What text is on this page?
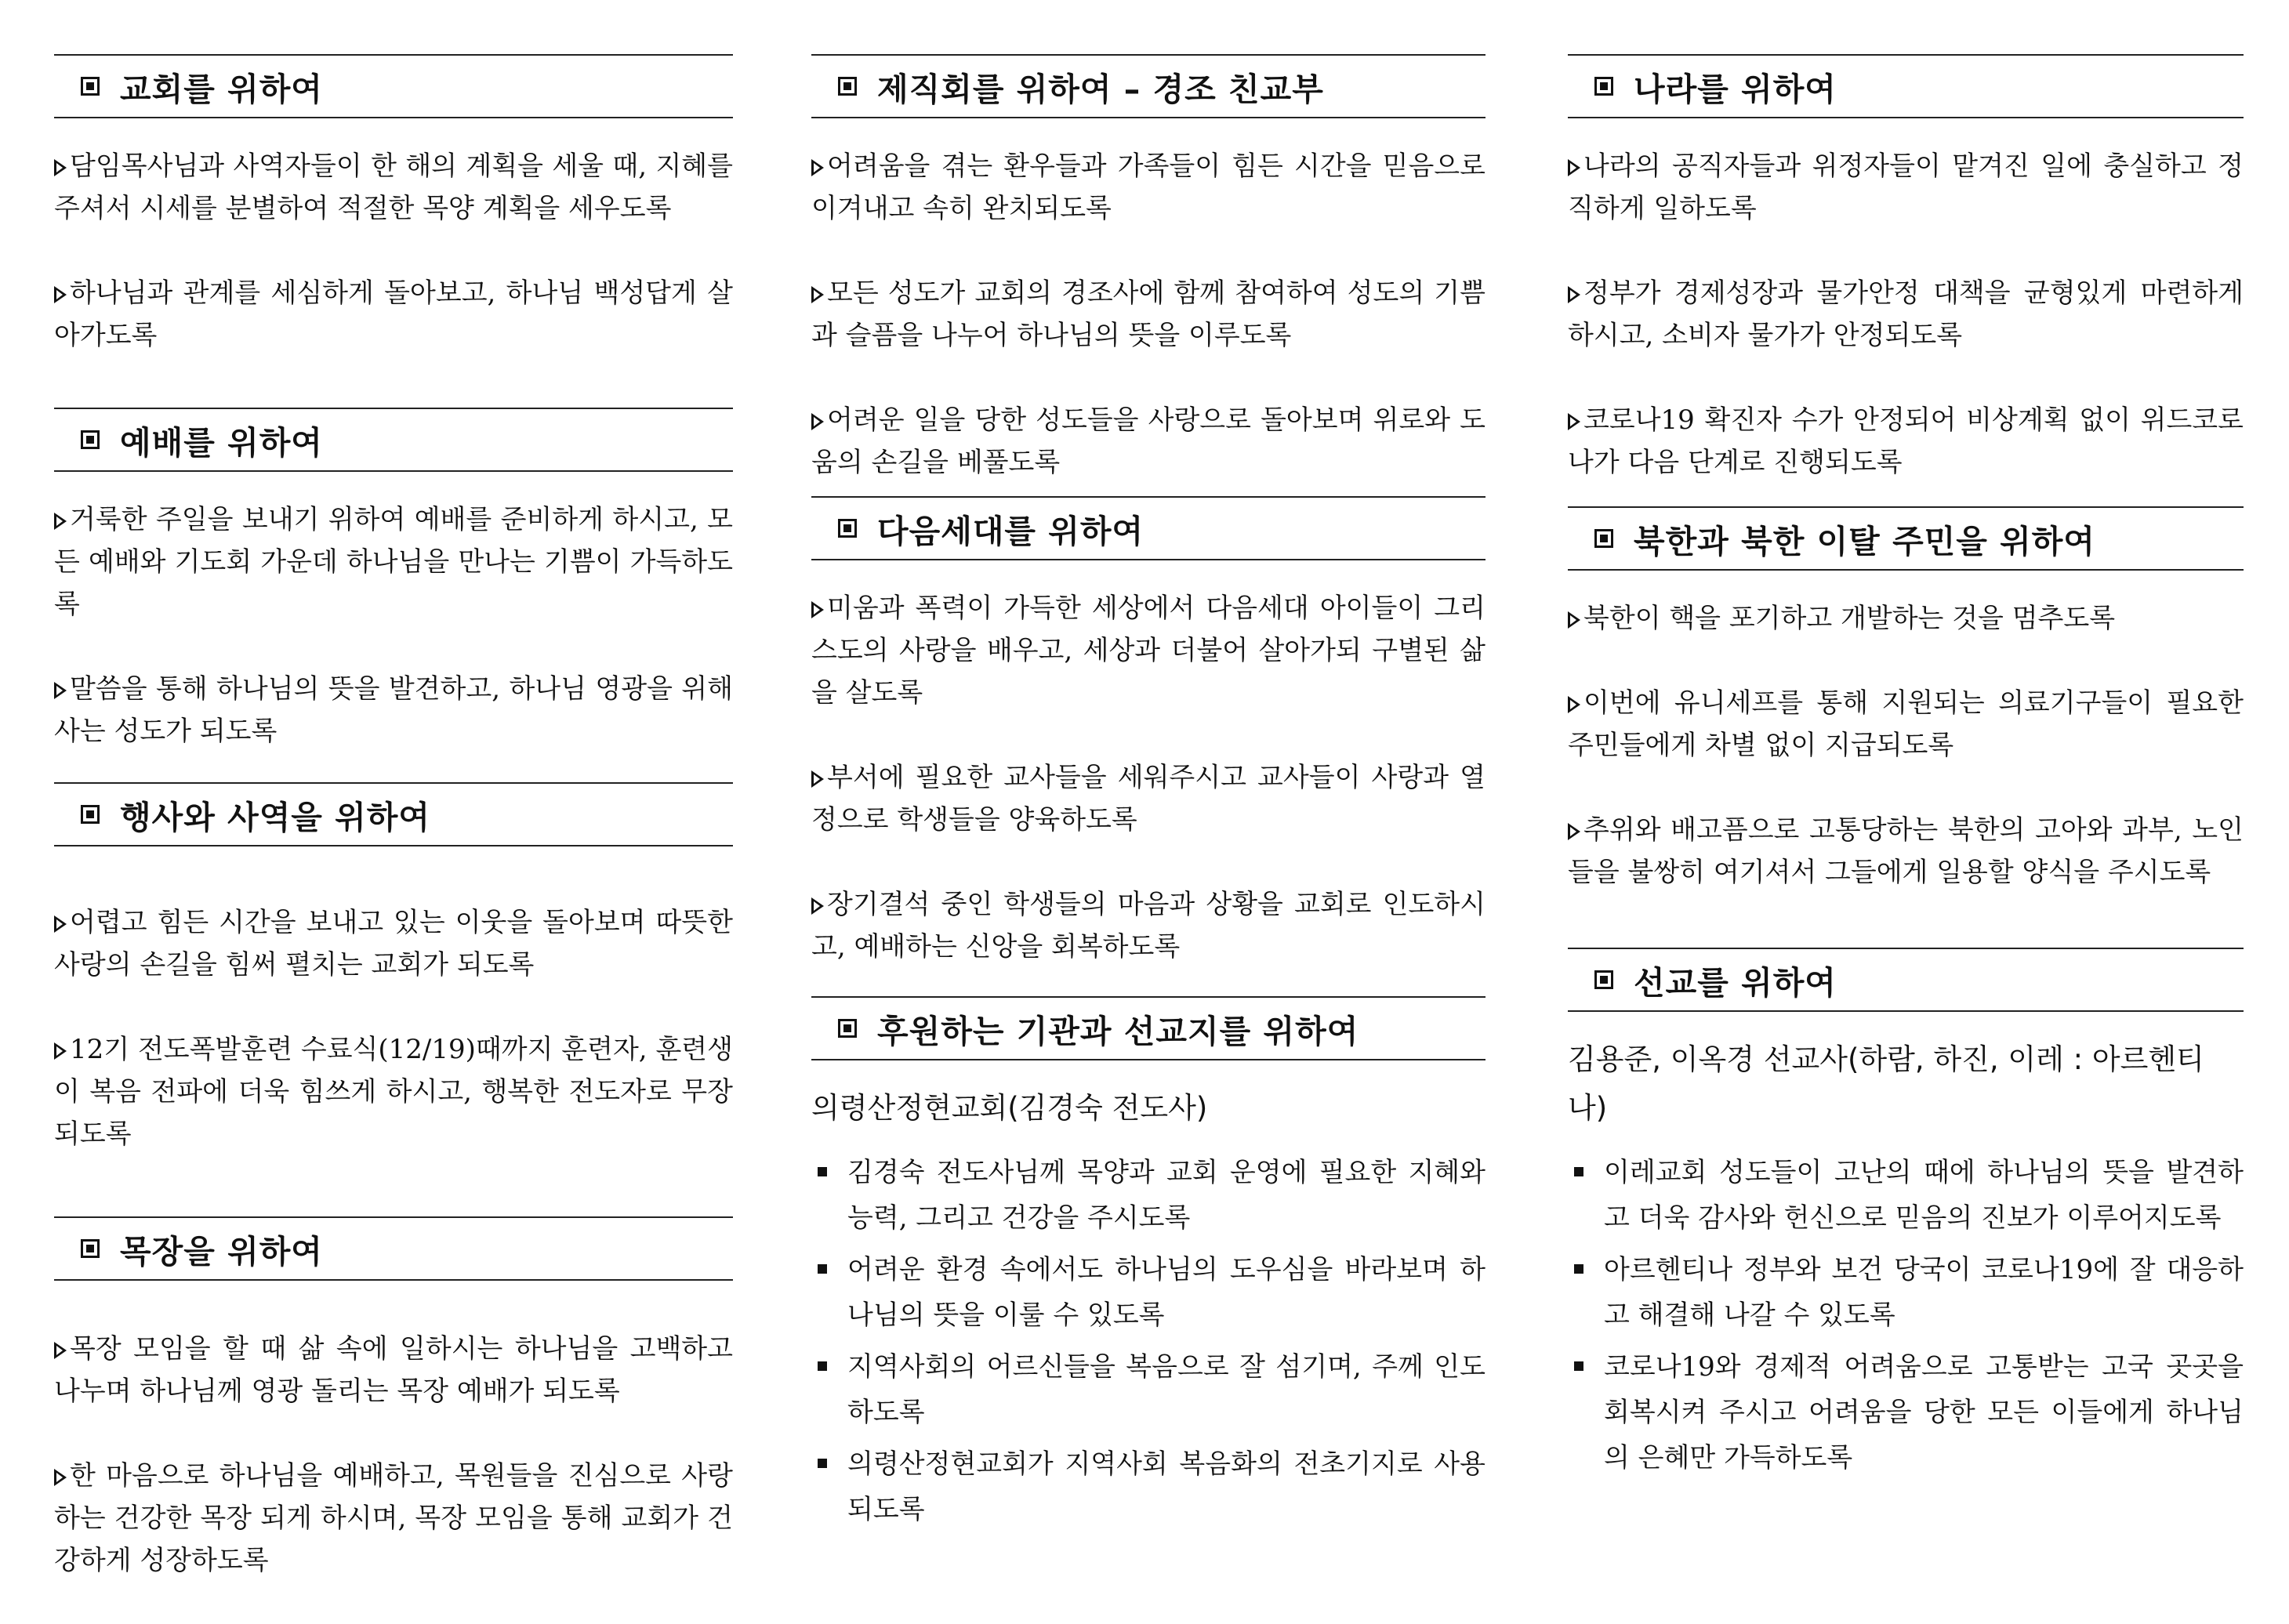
교회를 위하여
담임목사님과 사역자들이 한 해의 계획을 세울 때, 지혜를 주셔서 시세를 분별하여 적절한 목양 계획을 세우도록
하나님과 관계를 세심하게 돌아보고, 하나님 백성답게 살아가도록
예배를 위하여
거룩한 주일을 보내기 위하여 예배를 준비하게 하시고, 모든 예배와 기도회 가운데 하나님을 만나는 기쁨이 가득하도록
말씀을 통해 하나님의 뜻을 발견하고, 하나님 영광을 위해 사는 성도가 되도록
행사와 사역을 위하여
어렵고 힘든 시간을 보내고 있는 이웃을 돌아보며 따뜻한 사랑의 손길을 힘써 펼치는 교회가 되도록
12기 전도폭발훈련 수료식(12/19)때까지 훈련자, 훈련생이 복음 전파에 더욱 힘쓰게 하시고, 행복한 전도자로 무장되도록
목장을 위하여
목장 모임을 할 때 삶 속에 일하시는 하나님을 고백하고 나누며 하나님께 영광 돌리는 목장 예배가 되도록
한 마음으로 하나님을 예배하고, 목원들을 진심으로 사랑하는 건강한 목장 되게 하시며, 목장 모임을 통해 교회가 건강하게 성장하도록
제직회를 위하여 – 경조 친교부
어려움을 겪는 환우들과 가족들이 힘든 시간을 믿음으로 이겨내고 속히 완치되도록
모든 성도가 교회의 경조사에 함께 참여하여 성도의 기쁨과 슬픔을 나누어 하나님의 뜻을 이루도록
어려운 일을 당한 성도들을 사랑으로 돌아보며 위로와 도움의 손길을 베풀도록
다음세대를 위하여
미움과 폭력이 가득한 세상에서 다음세대 아이들이 그리스도의 사랑을 배우고, 세상과 더불어 살아가되 구별된 삶을 살도록
부서에 필요한 교사들을 세워주시고 교사들이 사랑과 열정으로 학생들을 양육하도록
장기결석 중인 학생들의 마음과 상황을 교회로 인도하시고, 예배하는 신앙을 회복하도록
후원하는 기관과 선교지를 위하여
의령산정현교회(김경숙 전도사)
김경숙 전도사님께 목양과 교회 운영에 필요한 지혜와 능력, 그리고 건강을 주시도록
어려운 환경 속에서도 하나님의 도우심을 바라보며 하나님의 뜻을 이룰 수 있도록
지역사회의 어르신들을 복음으로 잘 섬기며, 주께 인도하도록
의령산정현교회가 지역사회 복음화의 전초기지로 사용되도록
나라를 위하여
나라의 공직자들과 위정자들이 맡겨진 일에 충실하고 정직하게 일하도록
정부가 경제성장과 물가안정 대책을 균형있게 마련하게 하시고, 소비자 물가가 안정되도록
코로나19 확진자 수가 안정되어 비상계획 없이 위드코로나가 다음 단계로 진행되도록
북한과 북한 이탈 주민을 위하여
북한이 핵을 포기하고 개발하는 것을 멈추도록
이번에 유니세프를 통해 지원되는 의료기구들이 필요한 주민들에게 차별 없이 지급되도록
추위와 배고픔으로 고통당하는 북한의 고아와 과부, 노인들을 불쌍히 여기셔서 그들에게 일용할 양식을 주시도록
선교를 위하여
김용준, 이옥경 선교사(하람, 하진, 이레 : 아르헨티나)
이레교회 성도들이 고난의 때에 하나님의 뜻을 발견하고 더욱 감사와 헌신으로 믿음의 진보가 이루어지도록
아르헨티나 정부와 보건 당국이 코로나19에 잘 대응하고 해결해 나갈 수 있도록
코로나19와 경제적 어려움으로 고통받는 고국 곳곳을 회복시켜 주시고 어려움을 당한 모든 이들에게 하나님의 은혜만 가득하도록
